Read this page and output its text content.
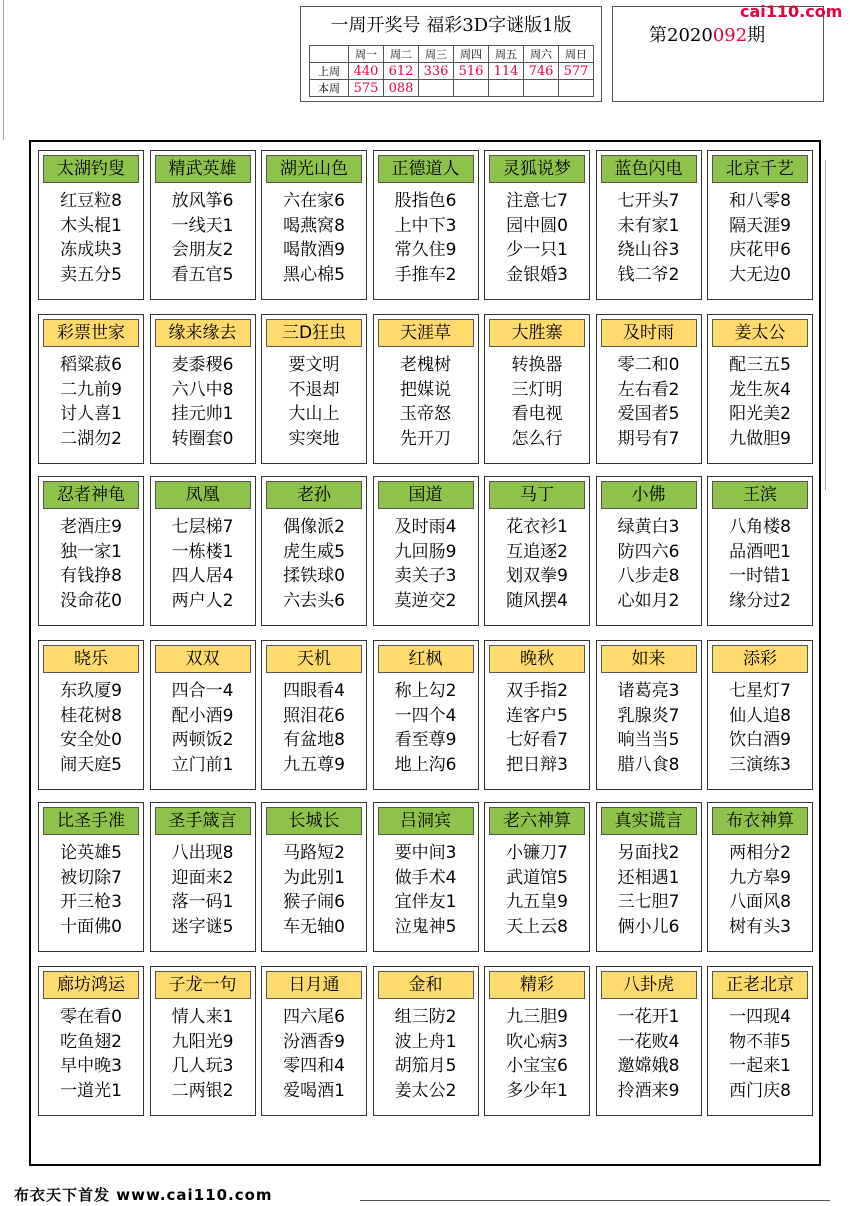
一周开奖号 福彩3D字谜版1版
	周一	周二	周三	周四	周五	周六	周日
上周	440	612	336	516	114	746	577
本周	575	088					
第2020092期
cai110.com
太湖钓叟
红豆粒8
木头棍1
冻成块3
卖五分5
精武英雄
放风筝6
一线天1
会朋友2
看五官5
湖光山色
六在家6
喝燕窝8
喝散酒9
黑心棉5
正德道人
股指色6
上中下3
常久住9
手推车2
灵狐说梦
注意七7
园中圆0
少一只1
金银婚3
蓝色闪电
七开头7
未有家1
绕山谷3
钱二爷2
北京千艺
和八零8
隔天涯9
庆花甲6
大无边0
彩票世家
稻粱菽6
二九前9
讨人喜1
二湖勿2
缘来缘去
麦黍稷6
六八中8
挂元帅1
转圈套0
三D狂虫
要文明
不退却
大山上
实突地
天涯草
老槐树
把媒说
玉帝怒
先开刀
大胜寨
转换器
三灯明
看电视
怎么行
及时雨
零二和0
左右看2
爱国者5
期号有7
姜太公
配三五5
龙生灰4
阳光美2
九做胆9
忍者神龟
老酒庄9
独一家1
有钱挣8
没命花0
凤凰
七层梯7
一栋楼1
四人居4
两户人2
老孙
偶像派2
虎生威5
揉铁球0
六去头6
国道
及时雨4
九回肠9
卖关子3
莫逆交2
马丁
花衣衫1
互追逐2
划双拳9
随风摆4
小佛
绿黄白3
防四六6
八步走8
心如月2
王滨
八角楼8
品酒吧1
一时错1
缘分过2
晓乐
东玖厦9
桂花树8
安全处0
闹天庭5
双双
四合一4
配小酒9
两顿饭2
立门前1
天机
四眼看4
照泪花6
有盆地8
九五尊9
红枫
称上勾2
一四个4
看至尊9
地上沟6
晚秋
双手指2
连客户5
七好看7
把日辩3
如来
诸葛亮3
乳腺炎7
响当当5
腊八食8
添彩
七星灯7
仙人追8
饮白酒9
三演练3
比圣手准
论英雄5
被切除7
开三枪3
十面佛0
圣手箴言
八出现8
迎面来2
落一码1
迷字谜5
长城长
马路短2
为此别1
猴子闹6
车无轴0
吕洞宾
要中间3
做手术4
宜伴友1
泣鬼神5
老六神算
小镰刀7
武道馆5
九五皇9
天上云8
真实谎言
另面找2
还相遇1
三七胆7
俩小儿6
布衣神算
两相分2
九方皋9
八面风8
树有头3
廊坊鸿运
零在看0
吃鱼翅2
早中晚3
一道光1
子龙一句
情人来1
九阳光9
几人玩3
二两银2
日月通
四六尾6
汾酒香9
零四和4
爱喝酒1
金和
组三防2
波上舟1
胡笳月5
姜太公2
精彩
九三胆9
吹心病3
小宝宝6
多少年1
八卦虎
一花开1
一花败4
邀嫦娥8
拎酒来9
正老北京
一四现4
物不菲5
一起来1
西门庆8
布衣天下首发 www.cai110.com
